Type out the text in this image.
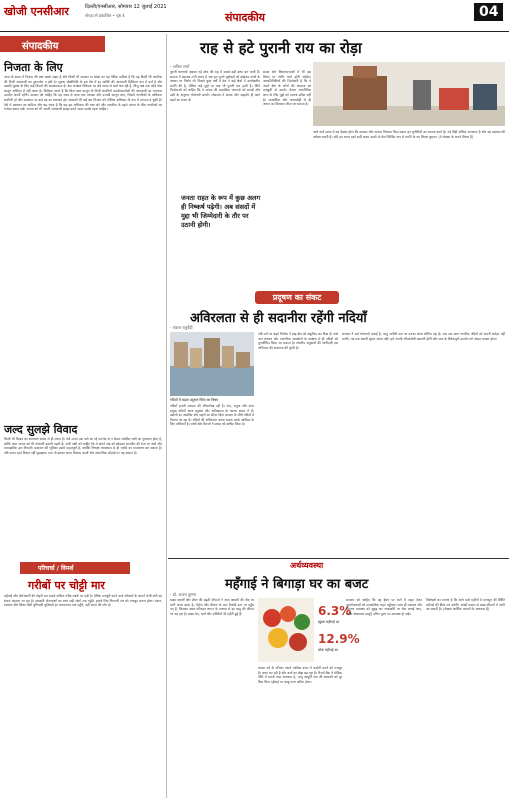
खोजी एनसीआर	दिल्ली/एनसीआर, सोमवार 12 जुलाई 2021
नोएडा से प्रकाशित • पृष्ठ 4	संपादकीय	04
संपादकीय
निजता के लिए
आज के समय में निजता की रक्षा सबसे अहम है और किसी भी सरकार या संस्था का यह नैतिक दायित्व है कि वह किसी भी नागरिक की निजी जानकारी का दुरुपयोग न होने दे। सूचना प्रौद्योगिकी के इस दौर में हर व्यक्ति की जानकारी डिजिटल रूप में दर्ज है और उसकी सुरक्षा के लिए कड़े नियमों की आवश्यकता है। डेटा संरक्षण विधेयक पर लंबे समय से चर्चा चल रही है, किंतु अब तक कोई ठोस कानून अस्तित्व में नहीं आया है। विशेषज्ञ मानते हैं कि बिना स्पष्ट कानून के निजी कंपनियाँ उपयोगकर्ताओं की जानकारी का मनमाना उपयोग करती रहेंगी। सरकार को चाहिए कि वह जल्द से जल्द एक व्यापक और प्रभावी कानून लाए, जिसमें नागरिकों के अधिकार सर्वोपरि हों और उल्लंघन पर कड़े दंड का प्रावधान हो। अदालतें भी कई बार निजता को मौलिक अधिकार के रूप में मान्यता दे चुकी हैं। ऐसे में प्रशासन का दायित्व और बढ़ जाता है कि वह इस अधिकार की रक्षा करे और तकनीक के बढ़ते प्रभाव के बीच नागरिकों का भरोसा बनाए रखे। जनता को भी अपनी जानकारी साझा करते समय सतर्क रहना चाहिए।
जल्द सुलझे विवाद
किसी भी विवाद का समाधान संवाद से ही संभव है। लंबे समय तक चले आ रहे मतभेद से न केवल संबंधित पक्षों का नुकसान होता है, बल्कि आम जनता को भी परेशानी उठानी पड़ती है। सभी पक्षों को चाहिए कि वे अपने अहं को छोड़कर बातचीत की मेज पर आएँ और व्यावहारिक हल निकालें। प्रशासन की भूमिका इसमें महत्वपूर्ण है, क्योंकि निष्पक्ष मध्यस्थता से ही भरोसे का वातावरण बन सकता है। यदि समय रहते विवाद नहीं सुलझाया गया तो इसका असर विकास कार्यों और सामाजिक सौहार्द पर पड़ सकता है।
परिचर्चा / विमर्श
गरीबों पर चोट्टी मार
महँगाई और बेरोजगारी की दोहरी मार सबसे अधिक गरीब तबके पर पड़ी है। दैनिक मजदूरी करने वाले परिवारों के सामने रोजी-रोटी का संकट गहराता जा रहा है। सरकारी योजनाओं का लाभ सही लोगों तक पहुँचे, इसके लिए निगरानी तंत्र को मजबूत करना होगा। राशन, स्वास्थ्य और शिक्षा जैसी बुनियादी सुविधाएँ हर जरूरतमंद तक पहुँचें, यही समय की माँग है।
राह से हटे पुरानी राय का रोड़ा
- अनिल शर्मा
पुरानी धारणाएँ अक्सर नई सोच की राह में सबसे बड़ी बाधा बन जाती हैं। समाज में बदलाव तभी संभव है जब हम पुराने पूर्वाग्रहों को छोड़कर तथ्यों के आधार पर निर्णय लें। पिछले कुछ वर्षों में देश ने कई क्षेत्रों में उल्लेखनीय प्रगति की है, लेकिन कई मुद्दों पर अब भी पुरानी राय हावी है। नीति निर्माताओं को चाहिए कि वे जनता की वास्तविक जरूरतों को समझें और उसी के अनुरूप योजनाएँ बनाएँ। लोकतंत्र में संवाद और सहमति ही आगे बढ़ने का रास्ता है।
जनता राहत के रूप में कुछ अलग ही निष्कर्ष पढ़ेगी। अब संसदों में मुद्दा भी जिम्मेदारी के तौर पर उठानी होगी।
संसद और विधानसभाओं में भी इस विषय पर गंभीर चर्चा होनी चाहिए। जनप्रतिनिधियों की जिम्मेदारी है कि वे अपने क्षेत्र के लोगों की आवाज को मजबूती से उठाएँ। केवल राजनीतिक लाभ के लिए मुद्दों को टालना उचित नहीं है। पारदर्शिता और जवाबदेही से ही जनता का विश्वास जीता जा सकता है।
आने वाले समय में यह देखना होगा कि सरकार और समाज मिलकर किस प्रकार इन चुनौतियों का सामना करते हैं। नई पीढ़ी अधिक जागरूक है और वह बदलाव की अपेक्षा रखती है। यदि हम समय रहते सही कदम उठाएँ तो देश निश्चित रूप से प्रगति के नए शिखर छुएगा। (ये लेखक के अपने विचार हैं)
प्रदूषण का संकट
अविरलता से ही सदानीरा रहेंगी नदियाँ
- पंकज चतुर्वेदी
नदियों में बढ़ता प्रदूषण चिंता का विषय
नदियाँ हमारी सभ्यता की जीवनरेखा रही हैं। गंगा, यमुना और अन्य प्रमुख नदियाँ आज प्रदूषण और अतिक्रमण के कारण संकट में हैं। उद्योगों का अपशिष्ट और शहरों का सीवर बिना उपचार के सीधे नदियों में गिराया जा रहा है। नदियों की अविरलता बनाए रखना उनके अस्तित्व के लिए अनिवार्य है। बांधों और बैराजों ने प्रवाह को बाधित किया है।
नदी तटों पर बढ़ते निर्माण ने बाढ़ क्षेत्र को संकुचित कर दिया है। वर्षा जल संचयन और पारंपरिक जलस्रोतों के संरक्षण से ही नदियों को पुनर्जीवित किया जा सकता है। स्थानीय समुदायों की भागीदारी इस अभियान की सफलता की कुंजी है।
सरकार ने कई योजनाएँ चलाई हैं, परंतु जमीनी स्तर पर उनका असर सीमित रहा है। जब तक आम नागरिक नदियों को अपनी धरोहर नहीं मानेंगे, तब तक स्थायी सुधार संभव नहीं। हमें अपनी जीवनशैली बदलनी होगी और जल के विवेकपूर्ण उपयोग को आदत बनाना होगा।
अर्थव्यवस्था
महँगाई ने बिगाड़ा घर का बजट
- डॉ. अजय कुमार
खाद्य पदार्थों और ईंधन की बढ़ती कीमतों ने आम आदमी की जेब पर भारी असर डाला है। पेट्रोल और डीजल के दाम रिकॉर्ड स्तर पर पहुँच गए हैं, जिसका असर परिवहन लागत के माध्यम से हर वस्तु की कीमत पर पड़ रहा है। खाद्य तेल, दालें और सब्जियाँ भी महँगी हुई हैं।	6.3%
खुदरा महँगाई दर
12.9%
थोक महँगाई दर
मध्यम वर्ग के परिवार अपने मासिक बजट में कटौती करने को मजबूर हैं। बचत घट रही है और कर्ज का बोझ बढ़ रहा है। रिजर्व बैंक ने मौद्रिक नीति में सतर्क रुख अपनाया है, परंतु आपूर्ति पक्ष की बाधाओं को दूर किए बिना महँगाई पर काबू पाना कठिन होगा।
सरकार को चाहिए कि वह ईंधन पर करों में राहत देकर उपभोक्ताओं को तात्कालिक राहत पहुँचाए। साथ ही भंडारण और वितरण व्यवस्था को सुदृढ़ कर जमाखोरी पर रोक लगाई जाए, ताकि आवश्यक वस्तुएँ उचित मूल्य पर उपलब्ध हो सकें।
विशेषज्ञों का मानना है कि आने वाले महीनों में मानसून की स्थिति महँगाई की दिशा तय करेगी। अच्छी फसल से खाद्य कीमतों में नरमी आ सकती है। (लेखक आर्थिक मामलों के जानकार हैं)
